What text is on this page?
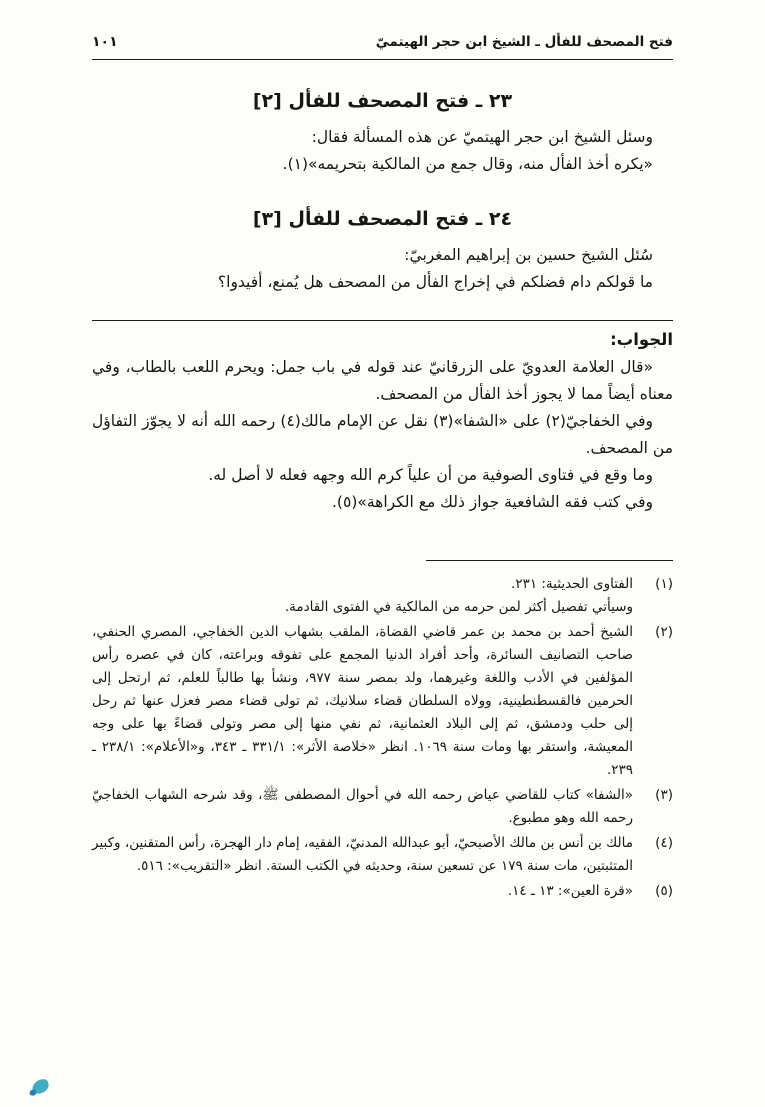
فتح المصحف للفأل ـ الشيخ ابن حجر الهيتميّ
١٠١
٢٣ ـ فتح المصحف للفأل [٢]

وسئل الشيخ ابن حجر الهيتميّ عن هذه المسألة فقال:

«يكره أخذ الفأل منه، وقال جمع من المالكية بتحريمه»(١).

٢٤ ـ فتح المصحف للفأل [٣]

سُئل الشيخ حسين بن إبراهيم المغربيّ:

ما قولكم دام فضلكم في إخراج الفأل من المصحف هل يُمنع، أفيدوا؟

الجواب:

«قال العلامة العدويّ على الزرقانيّ عند قوله في باب جمل: ويحرم اللعب بالطاب، وفي معناه أيضاً مما لا يجوز أخذ الفأل من المصحف.

وفي الخفاجيّ(٢) على «الشفا»(٣) نقل عن الإمام مالك(٤) رحمه الله أنه لا يجوّز التفاؤل من المصحف.

وما وقع في فتاوى الصوفية من أن علياً كرم الله وجهه فعله لا أصل له.

وفي كتب فقه الشافعية جواز ذلك مع الكراهة»(٥).

(١)
الفتاوى الحديثية: ٢٣١.
وسيأتي تفصيل أكثر لمن حرمه من المالكية في الفتوى القادمة.
(٢)
الشيخ أحمد بن محمد بن عمر قاضي القضاة، الملقب بشهاب الدين الخفاجي، المصري الحنفي، صاحب التصانيف السائرة، وأحد أفراد الدنيا المجمع على تفوقه وبراعته، كان في عصره رأس المؤلفين في الأدب واللغة وغيرهما، ولد بمصر سنة ٩٧٧، ونشأ بها طالباً للعلم، ثم ارتحل إلى الحرمين فالقسطنطينية، وولاه السلطان قضاء سلانيك، ثم تولى قضاء مصر فعزل عنها ثم رحل إلى حلب ودمشق، ثم إلى البلاد العثمانية، ثم نفي منها إلى مصر وتولى قضاءً بها على وجه المعيشة، واستقر بها ومات سنة ١٠٦٩. انظر «خلاصة الأثر»: ٣٣١/١ ـ ٣٤٣، و«الأعلام»: ٢٣٨/١ ـ ٢٣٩.
(٣)
«الشفا» كتاب للقاضي عياض رحمه الله في أحوال المصطفى ﷺ، وقد شرحه الشهاب الخفاجيّ رحمه الله وهو مطبوع.
(٤)
مالك بن أنس بن مالك الأصبحيّ، أبو عبدالله المدنيّ، الفقيه، إمام دار الهجرة، رأس المتقنين، وكبير المتثبتين، مات سنة ١٧٩ عن تسعين سنة، وحديثه في الكتب الستة. انظر «التقريب»: ٥١٦.
(٥)
«قرة العين»: ١٣ ـ ١٤.
